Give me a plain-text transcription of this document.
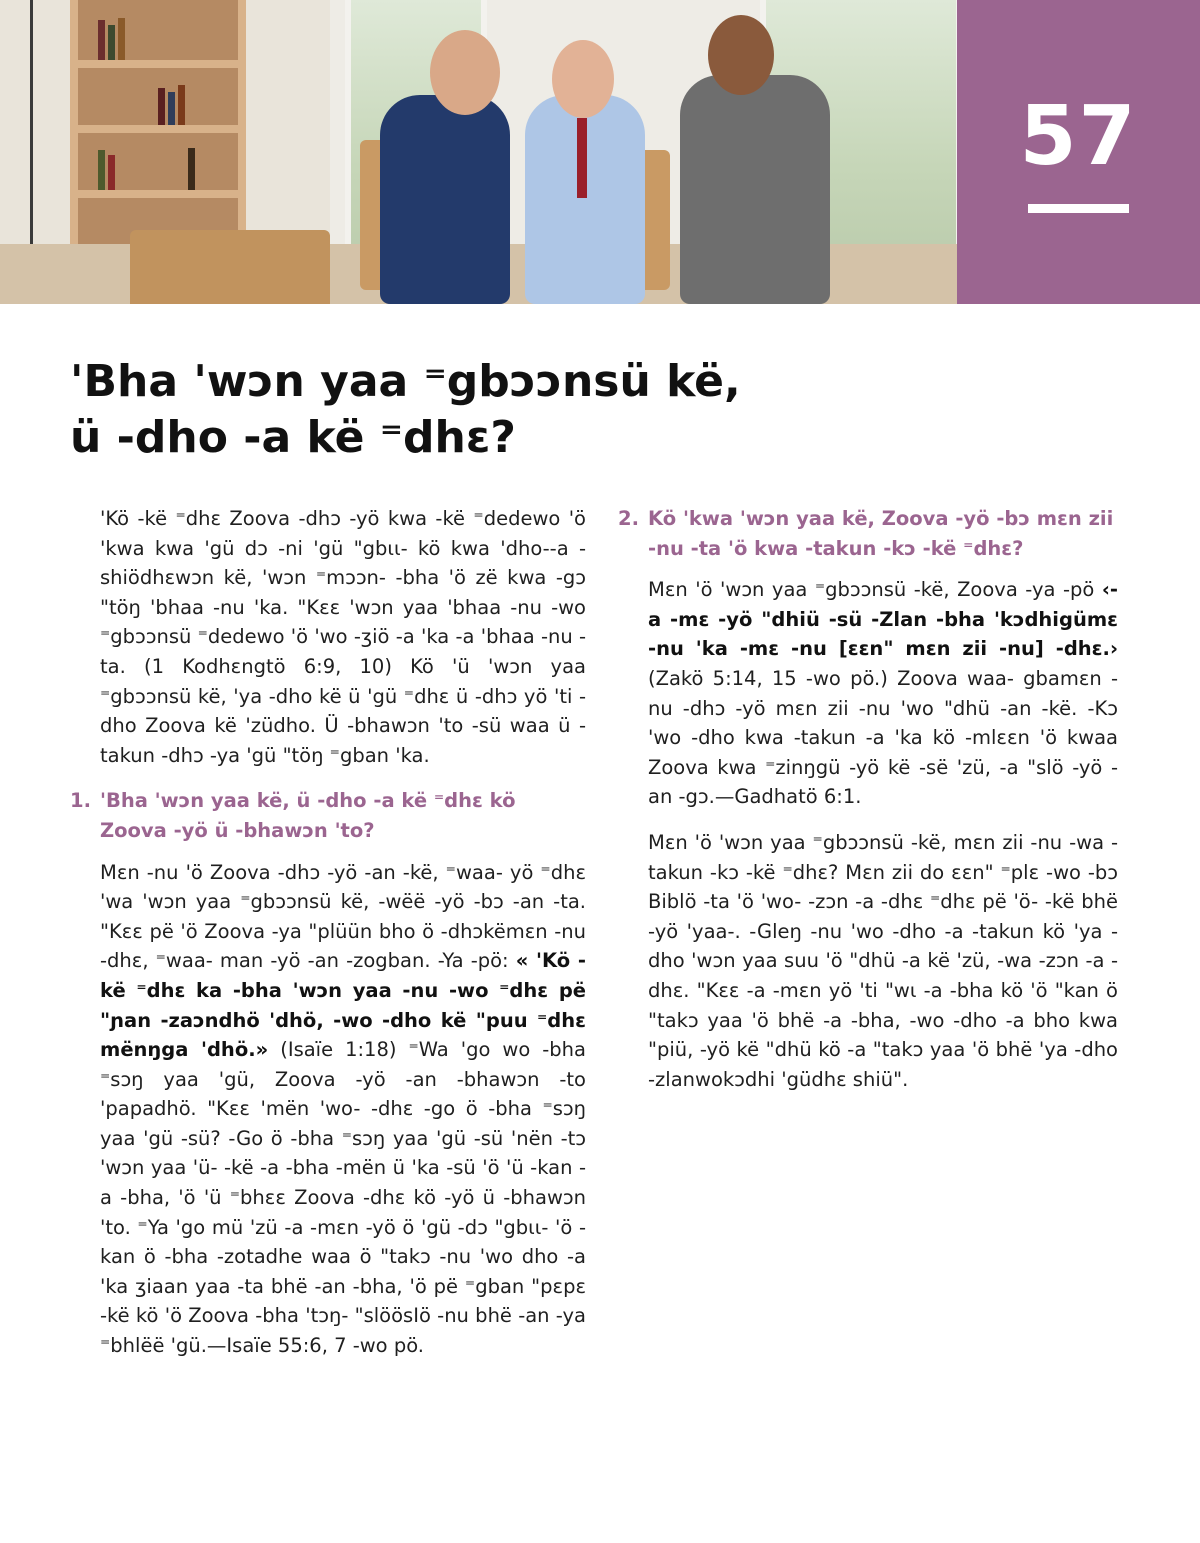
57
'Bha 'wɔn yaa ⁼gbɔɔnsü kë,
ü -dho -a kë ⁼dhɛ?

'Kö -kë ⁼dhɛ Zoova -dhɔ -yö kwa -kë ⁼dedewo 'ö 'kwa kwa 'gü dɔ -ni 'gü "gbɩɩ- kö kwa 'dho--a -shiödhɛwɔn kë, 'wɔn ⁼mɔɔn- -bha 'ö zë kwa -gɔ "töŋ 'bhaa -nu 'ka. "Kɛɛ 'wɔn yaa 'bhaa -nu -wo ⁼gbɔɔnsü ⁼dedewo 'ö 'wo -ʒiö -a 'ka -a 'bhaa -nu -ta. (1 Kodhɛngtö 6:9, 10) Kö 'ü 'wɔn yaa ⁼gbɔɔnsü kë, 'ya -dho kë ü 'gü ⁼dhɛ ü -dhɔ yö 'ti -dho Zoova kë 'züdho. Ü -bhawɔn 'to -sü waa ü -takun -dhɔ -ya 'gü "töŋ ⁼gban 'ka.

1. 'Bha 'wɔn yaa kë, ü -dho -a kë ⁼dhɛ kö Zoova -yö ü -bhawɔn 'to?

Mɛn -nu 'ö Zoova -dhɔ -yö -an -kë, ⁼waa- yö ⁼dhɛ 'wa 'wɔn yaa ⁼gbɔɔnsü kë, -wëë -yö -bɔ -an -ta. "Kɛɛ pë 'ö Zoova -ya "plüün bho ö -dhɔkëmɛn -nu -dhɛ, ⁼waa- man -yö -an -zogban. -Ya -pö: « 'Kö -kë ⁼dhɛ ka -bha 'wɔn yaa -nu -wo ⁼dhɛ pë "ɲan -zaɔndhö 'dhö, -wo -dho kë "puu ⁼dhɛ mënŋga 'dhö.» (Isaïe 1:18) ⁼Wa 'go wo -bha ⁼sɔŋ yaa 'gü, Zoova -yö -an -bhawɔn -to 'papadhö. "Kɛɛ 'mën 'wo- -dhɛ -go ö -bha ⁼sɔŋ yaa 'gü -sü? -Go ö -bha ⁼sɔŋ yaa 'gü -sü 'nën -tɔ 'wɔn yaa 'ü- -kë -a -bha -mën ü 'ka -sü 'ö 'ü -kan -a -bha, 'ö 'ü ⁼bhɛɛ Zoova -dhɛ kö -yö ü -bhawɔn 'to. ⁼Ya 'go mü 'zü -a -mɛn -yö ö 'gü -dɔ "gbɩɩ- 'ö -kan ö -bha -zotadhe waa ö "takɔ -nu 'wo dho -a 'ka ʒiaan yaa -ta bhë -an -bha, 'ö pë ⁼gban "pɛpɛ -kë kö 'ö Zoova -bha 'tɔŋ- "slöösIö -nu bhë -an -ya ⁼bhlëë 'gü.—Isaïe 55:6, 7 -wo pö.

2. Kö 'kwa 'wɔn yaa kë, Zoova -yö -bɔ mɛn zii -nu -ta 'ö kwa -takun -kɔ -kë ⁼dhɛ?

Mɛn 'ö 'wɔn yaa ⁼gbɔɔnsü -kë, Zoova -ya -pö ‹-a -mɛ -yö "dhiü -sü -Zlan -bha 'kɔdhigümɛ -nu 'ka -mɛ -nu [ɛɛn" mɛn zii -nu] -dhɛ.› (Zakö 5:14, 15 -wo pö.) Zoova waa- gbamɛn -nu -dhɔ -yö mɛn zii -nu 'wo "dhü -an -kë. -Kɔ 'wo -dho kwa -takun -a 'ka kö -mlɛɛn 'ö kwaa Zoova kwa ⁼zinŋgü -yö kë -së 'zü, -a "slö -yö -an -gɔ.—Gadhatö 6:1.

Mɛn 'ö 'wɔn yaa ⁼gbɔɔnsü -kë, mɛn zii -nu -wa -takun -kɔ -kë ⁼dhɛ? Mɛn zii do ɛɛn" ⁼plɛ -wo -bɔ Biblö -ta 'ö 'wo- -zɔn -a -dhɛ ⁼dhɛ pë 'ö- -kë bhë -yö 'yaa-. -Gleŋ -nu 'wo -dho -a -takun kö 'ya -dho 'wɔn yaa suu 'ö "dhü -a kë 'zü, -wa -zɔn -a -dhɛ. "Kɛɛ -a -mɛn yö 'ti "wɩ -a -bha kö 'ö "kan ö "takɔ yaa 'ö bhë -a -bha, -wo -dho -a bho kwa "piü, -yö kë "dhü kö -a "takɔ yaa 'ö bhë 'ya -dho -zlanwokɔdhi 'güdhɛ shiü".
